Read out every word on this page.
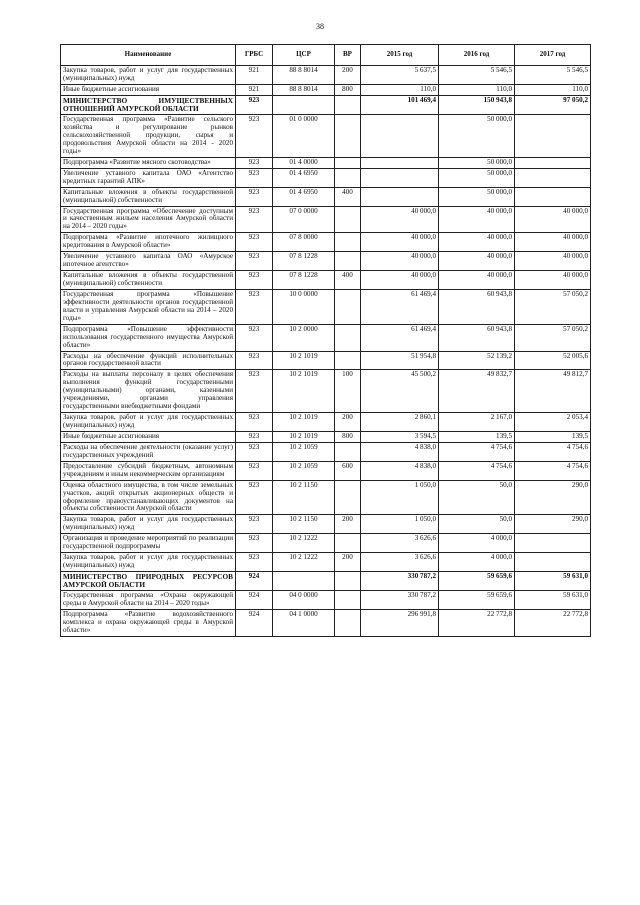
38
Наименование	ГРБС	ЦСР	ВР	2015 год	2016 год	2017 год
Закупка товаров, работ и услуг для государственных (муниципальных) нужд	921	88 8 8014	200	5 637,5	5 546,5	5 546,5
Иные бюджетные ассигнования	921	88 8 8014	800	110,0	110,0	110,0
МИНИСТЕРСТВО ИМУЩЕСТВЕННЫХ ОТНОШЕНИЙ АМУРСКОЙ ОБЛАСТИ	923			101 469,4	150 943,8	97 050,2
Государственная программа «Развитие сельского хозяйства и регулирование рынков сельскохозяйственной продукции, сырья и продовольствия Амурской области на 2014 - 2020 годы»	923	01 0 0000			50 000,0	
Подпрограмма «Развитие мясного скотоводства»	923	01 4 0000			50 000,0	
Увеличение уставного капитала ОАО «Агентство кредитных гарантий АПК»	923	01 4 6950			50 000,0	
Капитальные вложения в объекты государственной (муниципальной) собственности	923	01 4 6950	400		50 000,0	
Государственная программа «Обеспечение доступным и качественным жильем населения Амурской области на 2014 – 2020 годы»	923	07 0 0000		40 000,0	40 000,0	40 000,0
Подпрограмма «Развитие ипотечного жилищного кредитования в Амурской области»	923	07 8 0000		40 000,0	40 000,0	40 000,0
Увеличение уставного капитала ОАО «Амурское ипотечное агентство»	923	07 8 1228		40 000,0	40 000,0	40 000,0
Капитальные вложения в объекты государственной (муниципальной) собственности	923	07 8 1228	400	40 000,0	40 000,0	40 000,0
Государственная программа «Повышение эффективности деятельности органов государственной власти и управления Амурской области на 2014 – 2020 годы»	923	10 0 0000		61 469,4	60 943,8	57 050,2
Подпрограмма «Повышение эффективности использования государственного имущества Амурской области»	923	10 2 0000		61 469,4	60 943,8	57 050,2
Расходы на обеспечение функций исполнительных органов государственной власти	923	10 2 1019		51 954,8	52 139,2	52 005,6
Расходы на выплаты персоналу в целях обеспечения выполнения функций государственными (муниципальными) органами, казенными учреждениями, органами управления государственными внебюджетными фондами	923	10 2 1019	100	45 500,2	49 832,7	49 812,7
Закупка товаров, работ и услуг для государственных (муниципальных) нужд	923	10 2 1019	200	2 860,1	2 167,0	2 053,4
Иные бюджетные ассигнования	923	10 2 1019	800	3 594,5	139,5	139,5
Расходы на обеспечение деятельности (оказание услуг) государственных учреждений	923	10 2 1059		4 838,0	4 754,6	4 754,6
Предоставление субсидий бюджетным, автономным учреждениям и иным некоммерческим организациям	923	10 2 1059	600	4 838,0	4 754,6	4 754,6
Оценка областного имущества, в том числе земельных участков, акций открытых акционерных обществ и оформление правоустанавливающих документов на объекты собственности Амурской области	923	10 2 1150		1 050,0	50,0	290,0
Закупка товаров, работ и услуг для государственных (муниципальных) нужд	923	10 2 1150	200	1 050,0	50,0	290,0
Организация и проведение мероприятий по реализации государственной подпрограммы	923	10 2 1222		3 626,6	4 000,0	
Закупка товаров, работ и услуг для государственных (муниципальных) нужд	923	10 2 1222	200	3 626,6	4 000,0	
МИНИСТЕРСТВО ПРИРОДНЫХ РЕСУРСОВ АМУРСКОЙ ОБЛАСТИ	924			330 787,2	59 659,6	59 631,0
Государственная программа «Охрана окружающей среды в Амурской области на 2014 – 2020 годы»	924	04 0 0000		330 787,2	59 659,6	59 631,0
Подпрограмма «Развитие водохозяйственного комплекса и охрана окружающей среды в Амурской области»	924	04 1 0000		296 991,8	22 772,8	22 772,8
